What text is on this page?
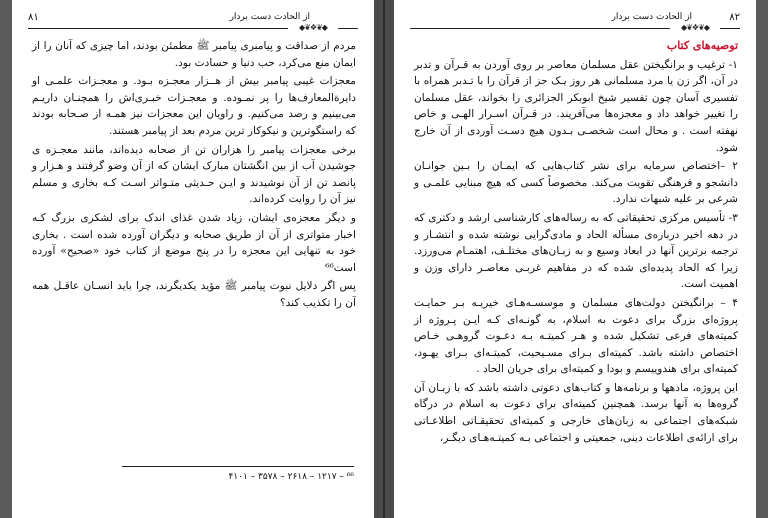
۸۱	از الحادت دست بردار
◆❦❖❦◆

مردم از صداقت و پیامبری پیامبر ﷺ مطمئن بودند، اما چیزی که آنان را از ایمان منع می‌کرد، حب دنیا و حسادت بود.

معجزات غیبی پیامبر بیش از هــزار معجـزه بـود. و معجـزات علمـی او دایرةالمعارف‌ها را پر نمـوده. و معجـزات خبـری‌اش را همچنـان داریـم می‌بینیم و رصد می‌کنیم. و راویان این معجزات نیز همـه از صـحابه بودند که راستگوترین و نیکوکار ترین مردم بعد از پیامبر هستند.

برخی معجزات پیامبر را هزاران تن از صحابه دیده‌اند، مانند معجـزه ی جوشیدن آب از بین انگشتان مبارک ایشان که از آن وضو گرفتند و هـزار و پانصد تن از آن نوشیدند و ایـن حـدیثی متـواتر اسـت کـه بخاری و مسلم نیز آن را روایت کرده‌اند.

و دیگر معجزه‌ی ایشان، زیاد شدن غذای اندک برای لشکری بزرگ کـه اخبار متواتری از آن از طریق صحابه و دیگران آورده شده است . بخاری خود به تنهایی این معجزه را در پنج موضع از کتاب خود «صحیح» آورده است⁶⁶

پس اگر دلایل نبوت پیامبر ﷺ مؤید یکدیگرند، چرا باید انسـان عاقـل همه آن را تکذیب کند؟

⁶⁶ – ۱۲۱۷ – ۲۶۱۸ – ۳۵۷۸ – ۴۱۰۱
۸۲
از الحادت دست بردار
◆❦❖❦◆

توصیه‌های کتاب

۱- ترغیب و برانگیختن عقل مسلمان معاصر بر روی آوردن به قـرآن و تدبر در آن، اگر زن یا مرد مسلمانی هر روز یـک جز از قرآن را با تـدبر همراه با تفسیری آسان چون تفسیر شیخ ابوبکر الجزائری را بخواند، عقل مسلمان را تغییر خواهد داد و معجزه‌ها می‌آفریند. در قـرآن اسـرار الهـی و خاص نهفته است . و محال است شخصـی بـدون هیچ دسـت آوردی از آن خارج شود.

۲ –اختصاص سرمایه برای نشر کتاب‌هایی که ایمـان را بـین جوانـان دانشجو و فرهنگی تقویت می‌کند. مخصوصاً کسی که هیچ مبنایی علمـی و شرعی بر علیه شبهات ندارد.

۳- تأسیس مرکزی تحقیقاتی که به رساله‌های کارشناسی ارشد و دکتری که در دهه اخیر درباره‌ی مسأله الحاد و مادی‌گرایی نوشته شده و انتشـار و ترجمه برترین آنها در ابعاد وسیع و به زبـان‌های مختلـف، اهتمـام می‌ورزد. زیرا که الحاد پدیده‌ای شده که در مفاهیم غربـی معاصـر دارای وزن و اهمیت است.

۴ – برانگیختن دولت‌های مسلمان و موسسـه‌هـای خیریـه بـر حمایـت پروژه‌ای بزرگ برای دعوت به اسلام، به گونـه‌ای کـه ایـن پـروژه از کمیته‌های فرعی تشکیل شده و هـر کمیتـه بـه دعـوت گروهـی خـاص اختصاص داشته باشد. کمیته‌ای بـرای مسـیحیت، کمیتـه‌ای بـرای یهـود، کمیته‌ای برای هندوییسم و بودا و کمیته‌ای برای جریان الحاد .

این پروژه، مادهها و برنامه‌ها و کتاب‌های دعوتی داشته باشد که با زبـان آن گروه‌ها به آنها برسد. همچنین کمیته‌ای برای دعوت به اسلام در درگاه شبکه‌های اجتماعی به زبان‌های خارجی و کمیته‌ای تحقیقـاتی اطلاعـاتی برای ارائه‌ی اطلاعات دینی، جمعیتی و اجتماعی بـه کمیتـه‌هـای دیگـر،
